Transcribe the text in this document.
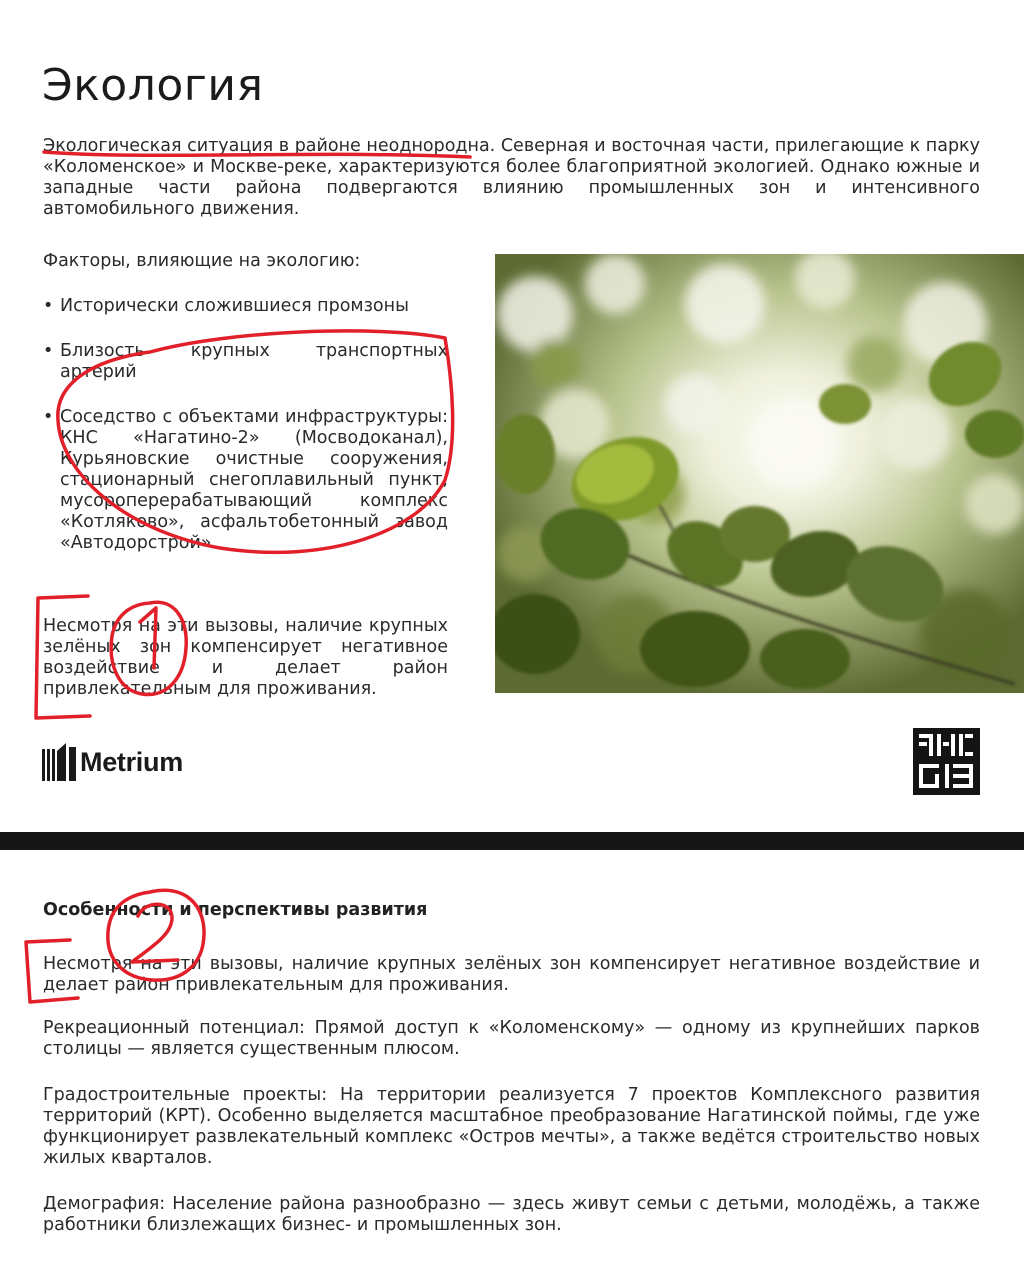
Экология
Экологическая ситуация в районе неоднородна. Северная и восточная части, прилегающие к парку «Коломенское» и Москве-реке, характеризуются более благоприятной экологией. Однако южные и западные части района подвергаются влиянию промышленных зон и интенсивного автомобильного движения.
Факторы, влияющие на экологию:
• Исторически сложившиеся промзоны
• Близость крупных транспортных артерий
• Соседство с объектами инфраструктуры: КНС «Нагатино-2» (Мосводоканал), Курьяновские очистные сооружения, стационарный снегоплавильный пункт, мусороперерабатывающий комплекс «Котляково», асфальтобетонный завод «Автодорстрой»
Несмотря на эти вызовы, наличие крупных зелёных зон компенсирует негативное воздействие и делает район привлекательным для проживания.
Metrium
Особенности и перспективы развития

Несмотря на эти вызовы, наличие крупных зелёных зон компенсирует негативное воздействие и делает район привлекательным для проживания.

Рекреационный потенциал: Прямой доступ к «Коломенскому» — одному из крупнейших парков столицы — является существенным плюсом.

Градостроительные проекты: На территории реализуется 7 проектов Комплексного развития территорий (КРТ). Особенно выделяется масштабное преобразование Нагатинской поймы, где уже функционирует развлекательный комплекс «Остров мечты», а также ведётся строительство новых жилых кварталов.

Демография: Население района разнообразно — здесь живут семьи с детьми, молодёжь, а также работники близлежащих бизнес- и промышленных зон.
